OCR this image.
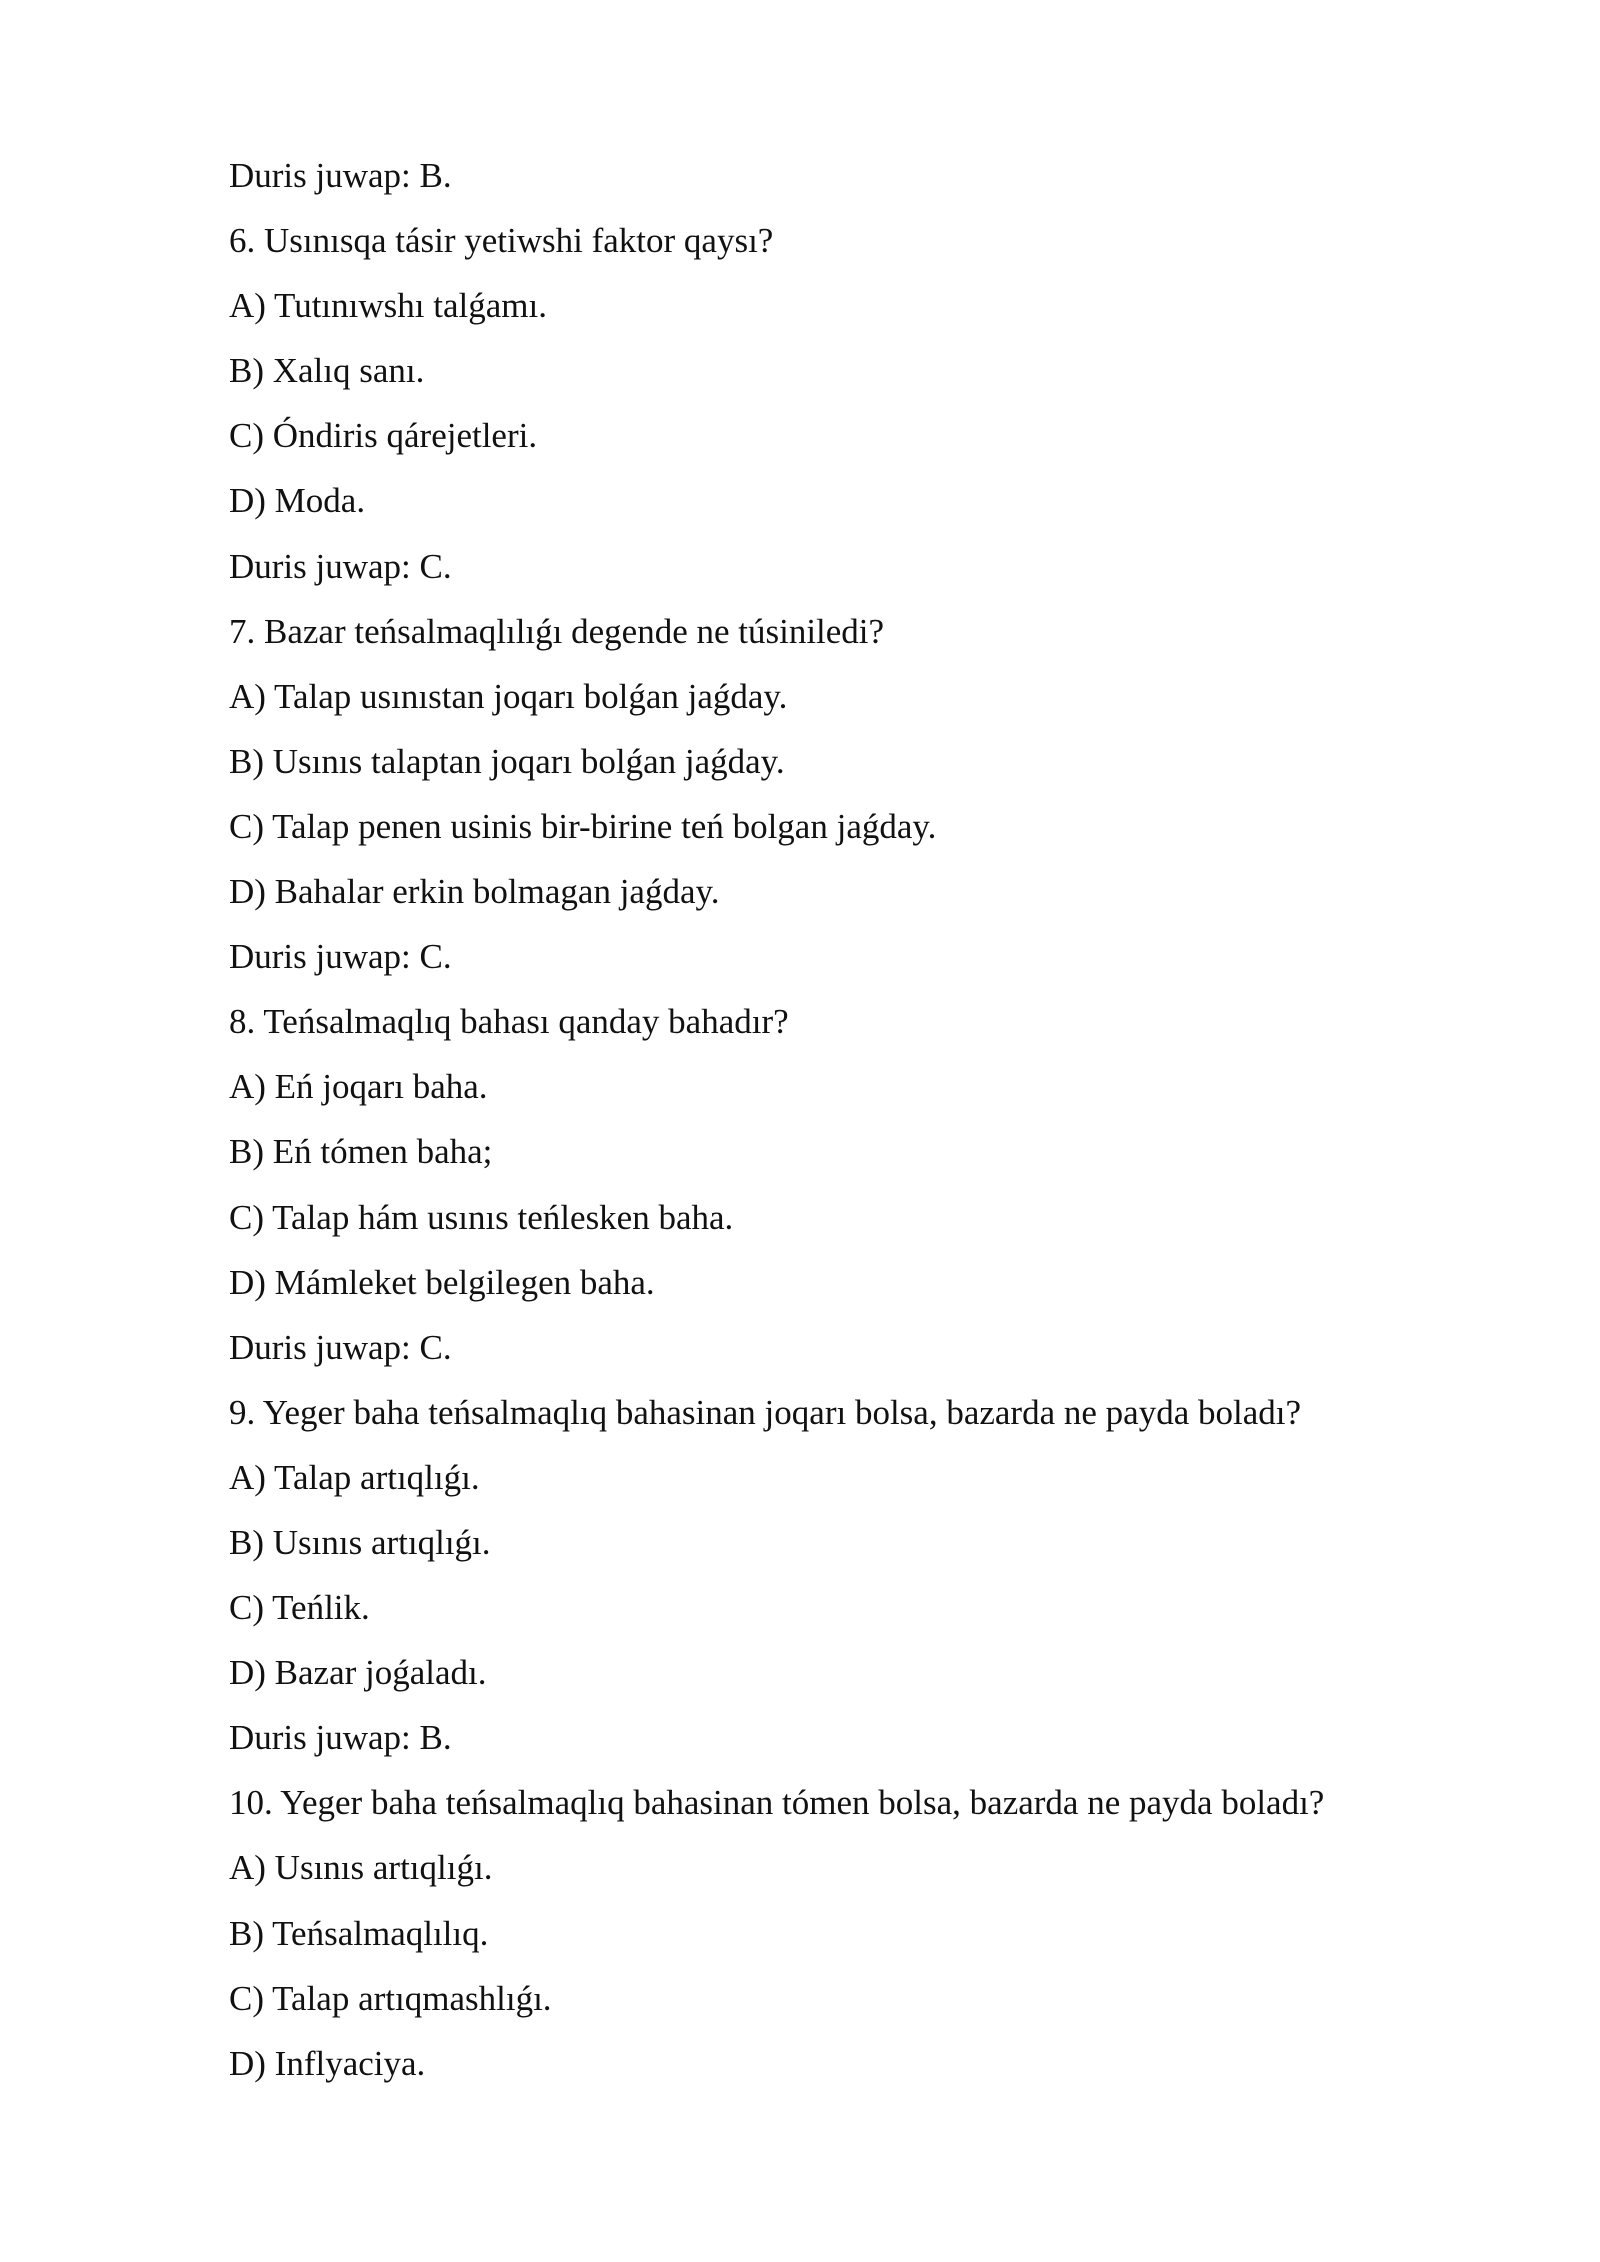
Duris juwap: B.
6. Usınısqa tásir yetiwshi faktor qaysı?
A) Tutınıwshı talǵamı.
B) Xalıq sanı.
C) Óndiris qárejetleri.
D) Moda.
Duris juwap: C.
7. Bazar teńsalmaqlılıǵı degende ne túsiniledi?
A) Talap usınıstan joqarı bolǵan jaǵday.
B) Usınıs talaptan joqarı bolǵan jaǵday.
C) Talap penen usinis bir-birine teń bolgan jaǵday.
D) Bahalar erkin bolmagan jaǵday.
Duris juwap: C.
8. Teńsalmaqlıq bahası qanday bahadır?
A) Eń joqarı baha.
B) Eń tómen baha;
C) Talap hám usınıs teńlesken baha.
D) Mámleket belgilegen baha.
Duris juwap: C.
9. Yeger baha teńsalmaqlıq bahasinan joqarı bolsa, bazarda ne payda boladı?
A) Talap artıqlıǵı.
B) Usınıs artıqlıǵı.
C) Teńlik.
D) Bazar joǵaladı.
Duris juwap: B.
10. Yeger baha teńsalmaqlıq bahasinan tómen bolsa, bazarda ne payda boladı?
A) Usınıs artıqlıǵı.
B) Teńsalmaqlılıq.
C) Talap artıqmashlıǵı.
D) Inflyaciya.
